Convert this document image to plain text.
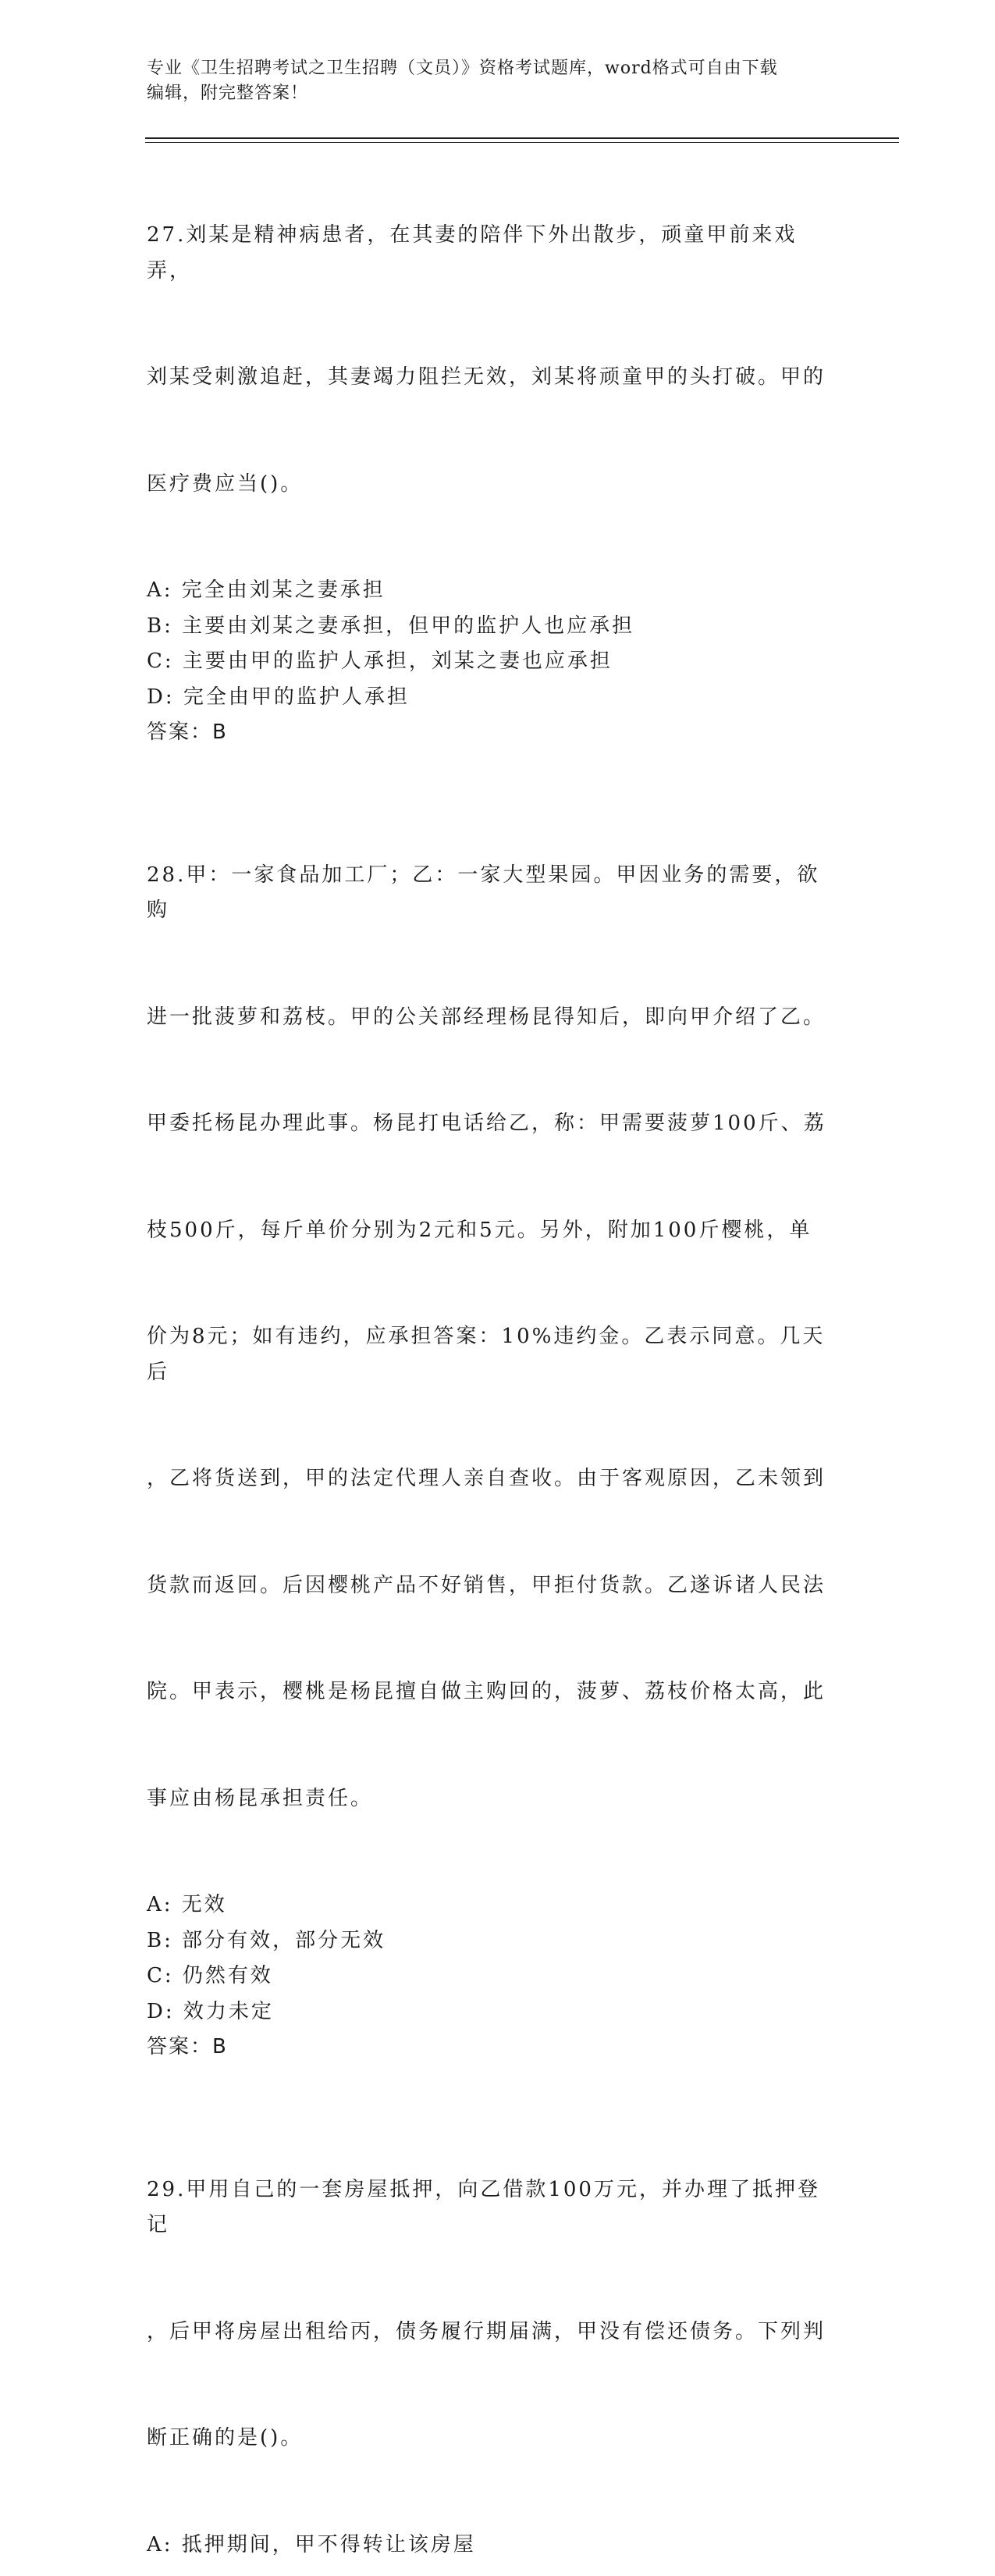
专业《卫生招聘考试之卫生招聘（文员）》资格考试题库，word格式可自由下载
编辑，附完整答案！

27.刘某是精神病患者，在其妻的陪伴下外出散步，顽童甲前来戏弄，

刘某受刺激追赶，其妻竭力阻拦无效，刘某将顽童甲的头打破。甲的

医疗费应当()。

A: 完全由刘某之妻承担
B: 主要由刘某之妻承担，但甲的监护人也应承担
C: 主要由甲的监护人承担，刘某之妻也应承担
D: 完全由甲的监护人承担
答案：B

28.甲：一家食品加工厂；乙：一家大型果园。甲因业务的需要，欲购

进一批菠萝和荔枝。甲的公关部经理杨昆得知后，即向甲介绍了乙。

甲委托杨昆办理此事。杨昆打电话给乙，称：甲需要菠萝100斤、荔

枝500斤，每斤单价分别为2元和5元。另外，附加100斤樱桃，单

价为8元；如有违约，应承担答案：10%违约金。乙表示同意。几天后

，乙将货送到，甲的法定代理人亲自查收。由于客观原因，乙未领到

货款而返回。后因樱桃产品不好销售，甲拒付货款。乙遂诉诸人民法

院。甲表示，樱桃是杨昆擅自做主购回的，菠萝、荔枝价格太高，此

事应由杨昆承担责任。

A: 无效
B: 部分有效，部分无效
C: 仍然有效
D: 效力未定
答案：B

29.甲用自己的一套房屋抵押，向乙借款100万元，并办理了抵押登记

，后甲将房屋出租给丙，债务履行期届满，甲没有偿还债务。下列判

断正确的是()。

A: 抵押期间，甲不得转让该房屋
